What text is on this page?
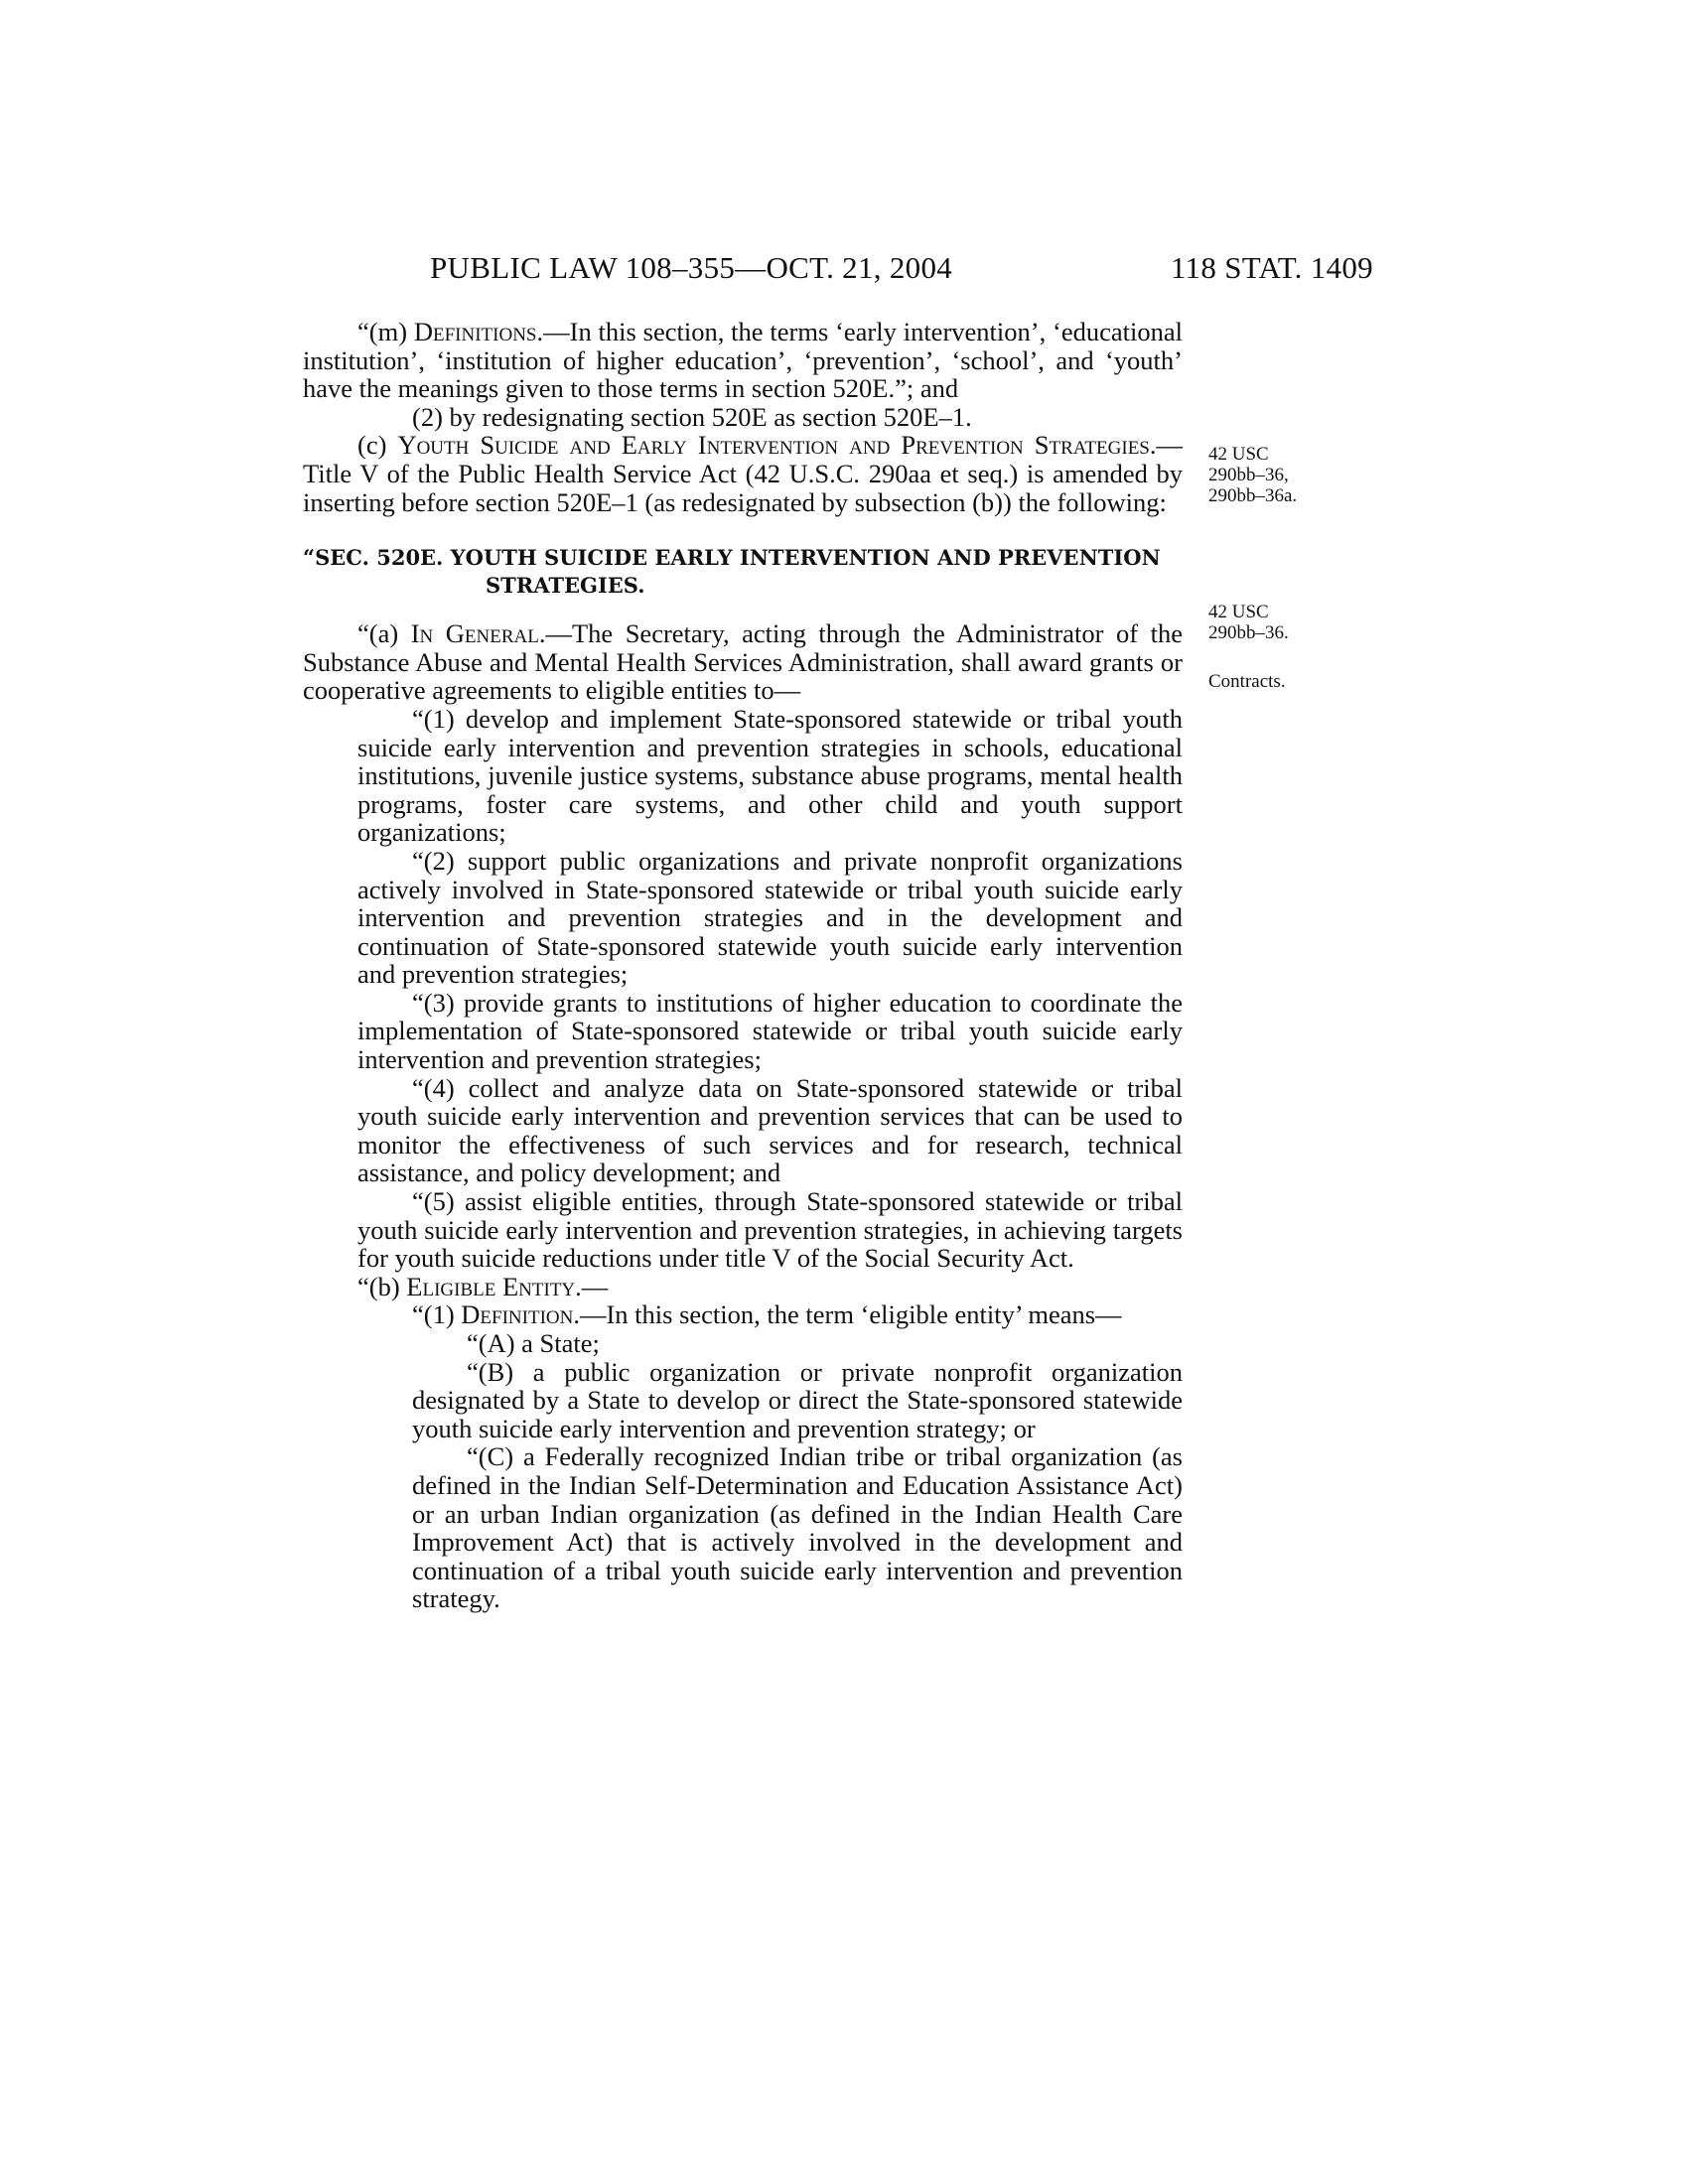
PUBLIC LAW 108–355—OCT. 21, 2004	118 STAT. 1409

“(m) Definitions.—In this section, the terms ‘early intervention’, ‘educational institution’, ‘institution of higher education’, ‘prevention’, ‘school’, and ‘youth’ have the meanings given to those terms in section 520E.”; and

(2) by redesignating section 520E as section 520E–1.

(c) Youth Suicide and Early Intervention and Prevention Strategies.—Title V of the Public Health Service Act (42 U.S.C. 290aa et seq.) is amended by inserting before section 520E–1 (as redesignated by subsection (b)) the following:

“SEC. 520E. YOUTH SUICIDE EARLY INTERVENTION AND PREVENTION
STRATEGIES.

“(a) In General.—The Secretary, acting through the Administrator of the Substance Abuse and Mental Health Services Administration, shall award grants or cooperative agreements to eligible entities to—

“(1) develop and implement State-sponsored statewide or tribal youth suicide early intervention and prevention strategies in schools, educational institutions, juvenile justice systems, substance abuse programs, mental health programs, foster care systems, and other child and youth support organizations;

“(2) support public organizations and private nonprofit organizations actively involved in State-sponsored statewide or tribal youth suicide early intervention and prevention strategies and in the development and continuation of State-sponsored statewide youth suicide early intervention and prevention strategies;

“(3) provide grants to institutions of higher education to coordinate the implementation of State-sponsored statewide or tribal youth suicide early intervention and prevention strategies;

“(4) collect and analyze data on State-sponsored statewide or tribal youth suicide early intervention and prevention services that can be used to monitor the effectiveness of such services and for research, technical assistance, and policy development; and

“(5) assist eligible entities, through State-sponsored statewide or tribal youth suicide early intervention and prevention strategies, in achieving targets for youth suicide reductions under title V of the Social Security Act.

“(b) Eligible Entity.—

“(1) Definition.—In this section, the term ‘eligible entity’ means—

“(A) a State;

“(B) a public organization or private nonprofit organization designated by a State to develop or direct the State-sponsored statewide youth suicide early intervention and prevention strategy; or

“(C) a Federally recognized Indian tribe or tribal organization (as defined in the Indian Self-Determination and Education Assistance Act) or an urban Indian organization (as defined in the Indian Health Care Improvement Act) that is actively involved in the development and continuation of a tribal youth suicide early intervention and prevention strategy.

42 USC
290bb–36,
290bb–36a.
42 USC
290bb–36.
Contracts.
